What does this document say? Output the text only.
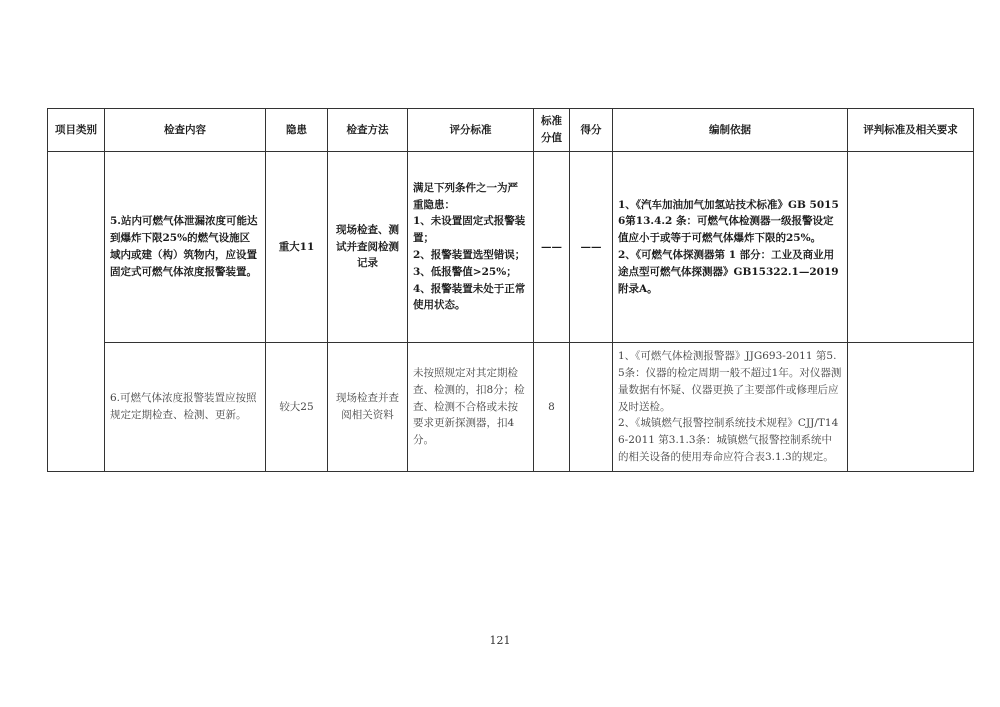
项目类别	检查内容	隐患	检查方法	评分标准	标准分值	得分	编制依据	评判标准及相关要求
	5.站内可燃气体泄漏浓度可能达到爆炸下限25%的燃气设施区域内或建（构）筑物内，应设置固定式可燃气体浓度报警装置。	重大11	现场检查、测试并查阅检测记录	满足下列条件之一为严重隐患：
1、未设置固定式报警装置；
2、报警装置选型错误；
3、低报警值>25%；
4、报警装置未处于正常使用状态。	——	——	1、《汽车加油加气加氢站技术标准》GB 50156第13.4.2 条：可燃气体检测器一级报警设定值应小于或等于可燃气体爆炸下限的25%。
2、《可燃气体探测器第 1 部分：工业及商业用途点型可燃气体探测器》GB15322.1—2019 附录A。	

	6.可燃气体浓度报警装置应按照规定定期检查、检测、更新。	较大25	现场检查并查阅相关资料	未按照规定对其定期检查、检测的，扣8分；检查、检测不合格或未按要求更新探测器，扣4分。	8		1、《可燃气体检测报警器》JJG693-2011 第5.5条：仪器的检定周期一般不超过1年。对仪器测量数据有怀疑、仪器更换了主要部件或修理后应及时送检。
2、《城镇燃气报警控制系统技术规程》CJJ/T146-2011 第3.1.3条：城镇燃气报警控制系统中的相关设备的使用寿命应符合表3.1.3的规定。	

121
